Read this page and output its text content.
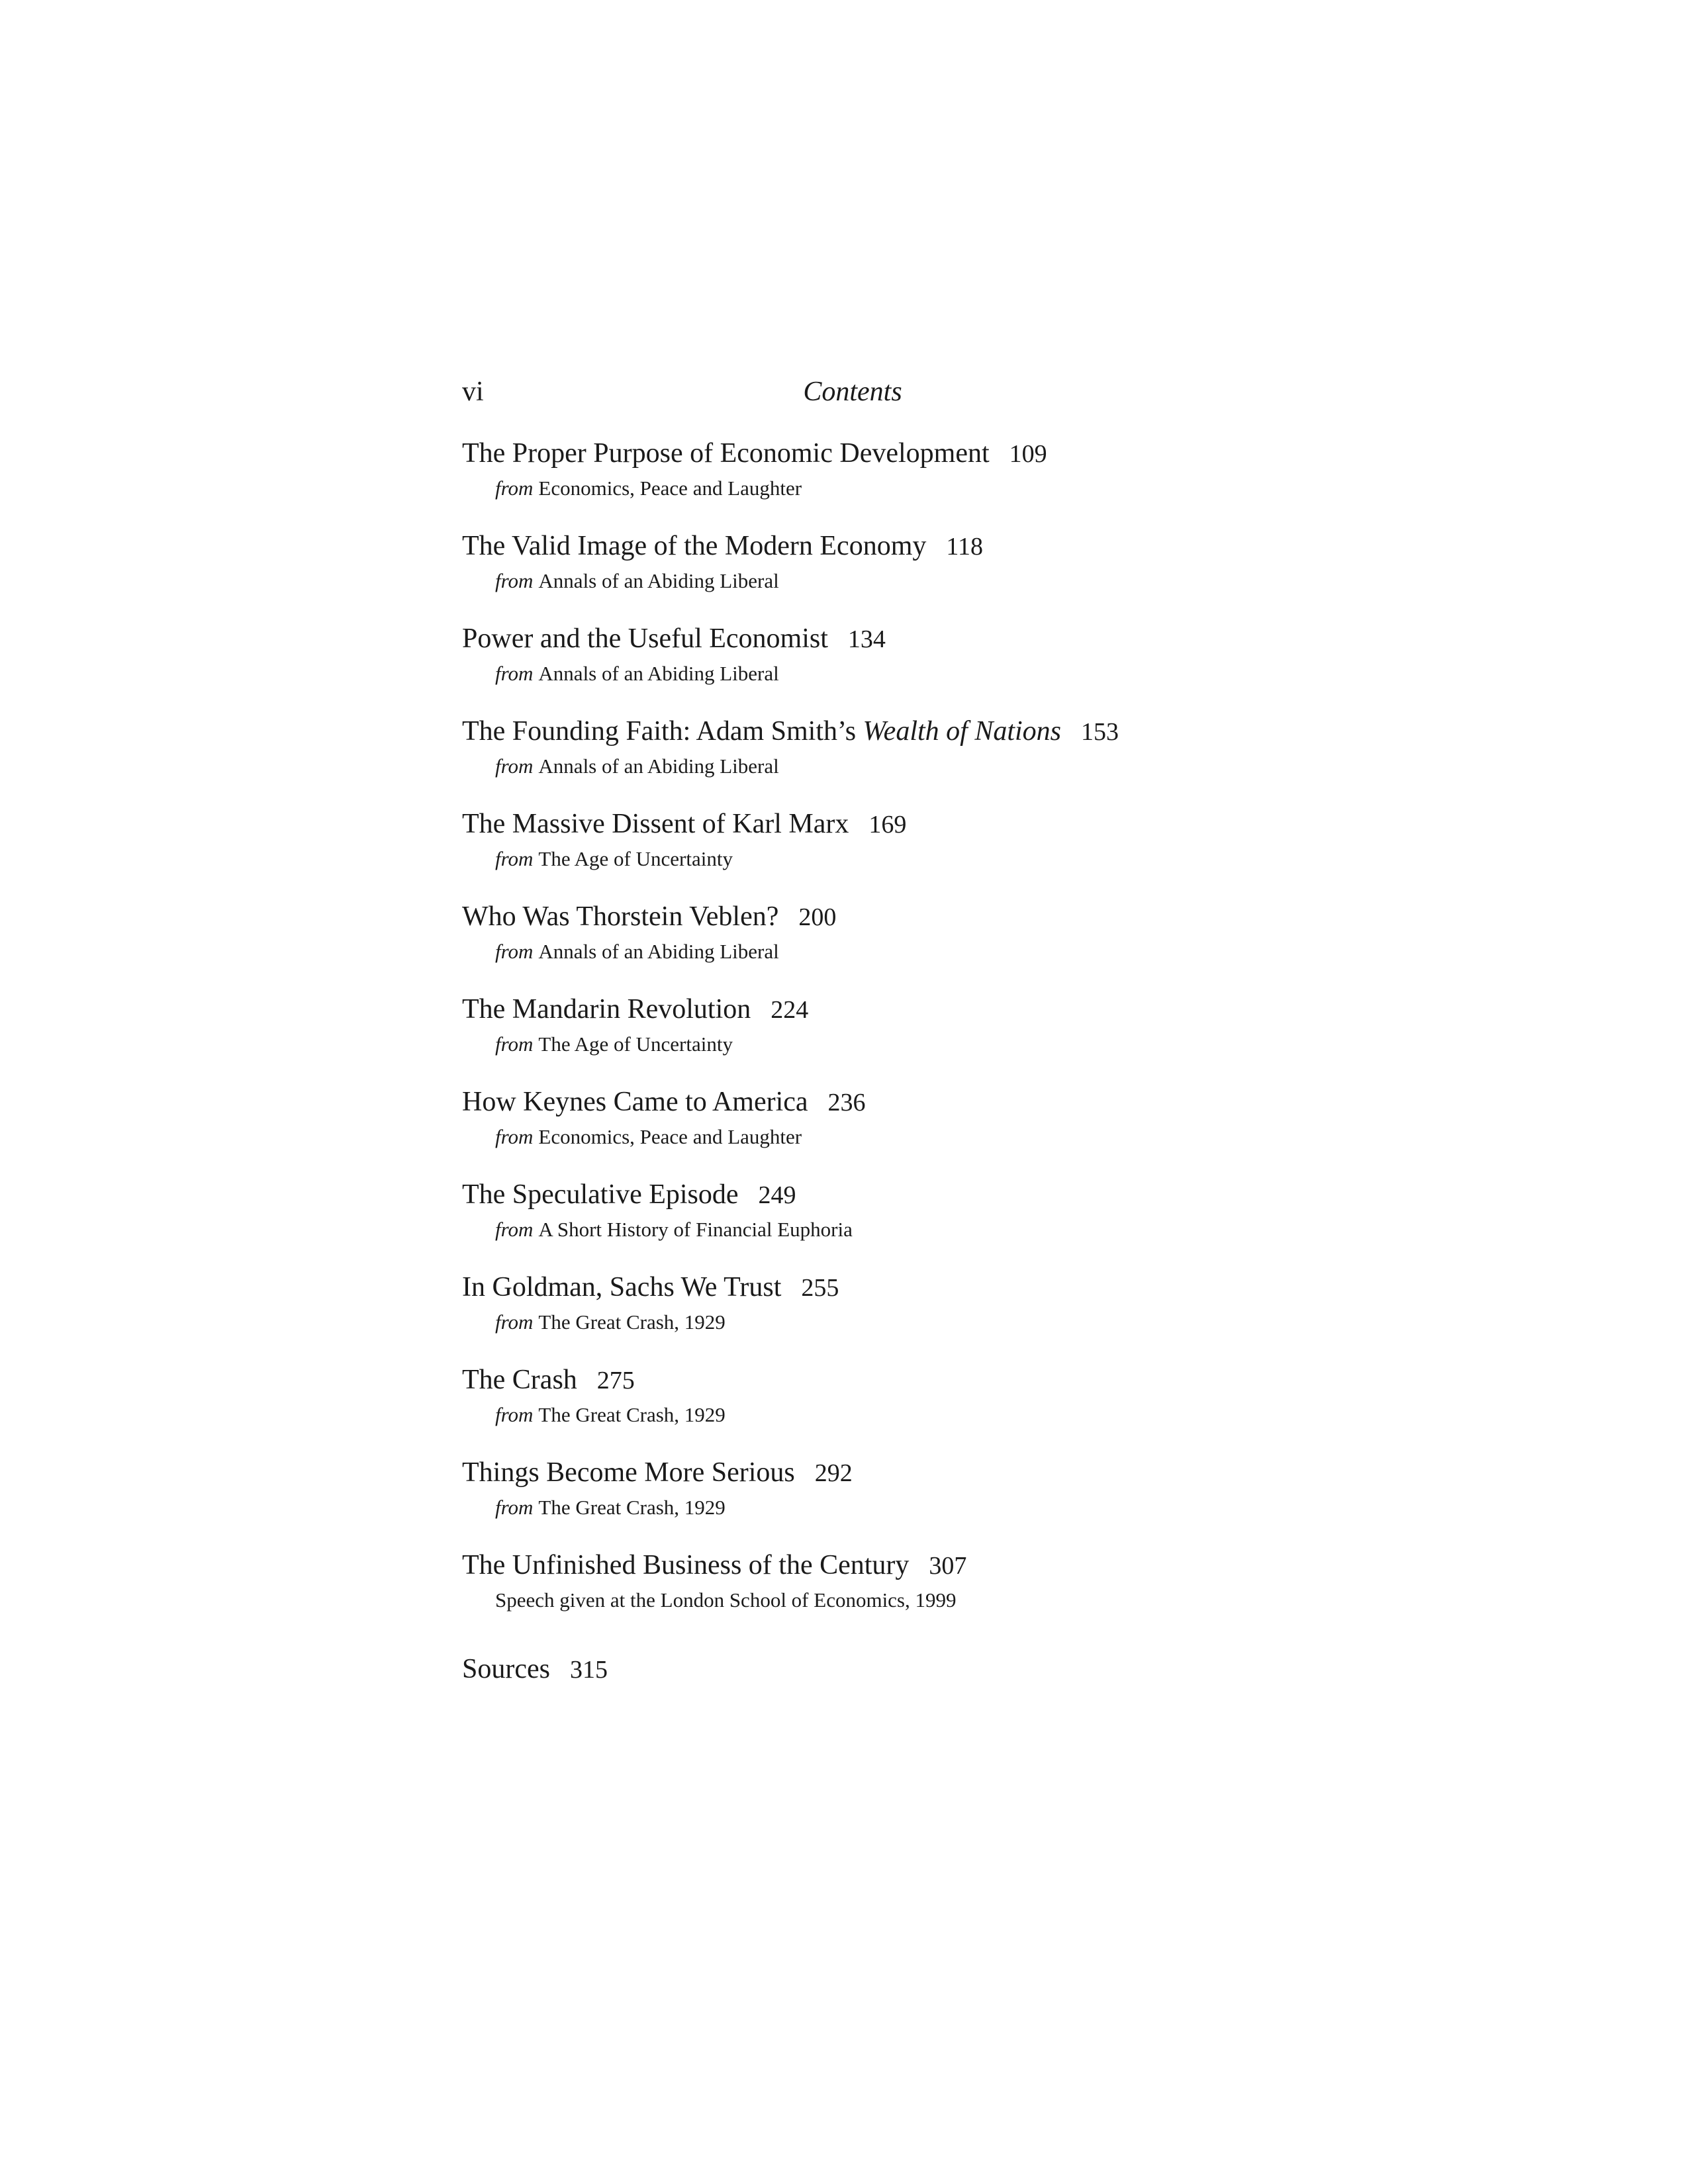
vi	Contents
The Proper Purpose of Economic Development 109
from Economics, Peace and Laughter
The Valid Image of the Modern Economy 118
from Annals of an Abiding Liberal
Power and the Useful Economist 134
from Annals of an Abiding Liberal
The Founding Faith: Adam Smith’s Wealth of Nations 153
from Annals of an Abiding Liberal
The Massive Dissent of Karl Marx 169
from The Age of Uncertainty
Who Was Thorstein Veblen? 200
from Annals of an Abiding Liberal
The Mandarin Revolution 224
from The Age of Uncertainty
How Keynes Came to America 236
from Economics, Peace and Laughter
The Speculative Episode 249
from A Short History of Financial Euphoria
In Goldman, Sachs We Trust 255
from The Great Crash, 1929
The Crash 275
from The Great Crash, 1929
Things Become More Serious 292
from The Great Crash, 1929
The Unfinished Business of the Century 307
Speech given at the London School of Economics, 1999
Sources 315
